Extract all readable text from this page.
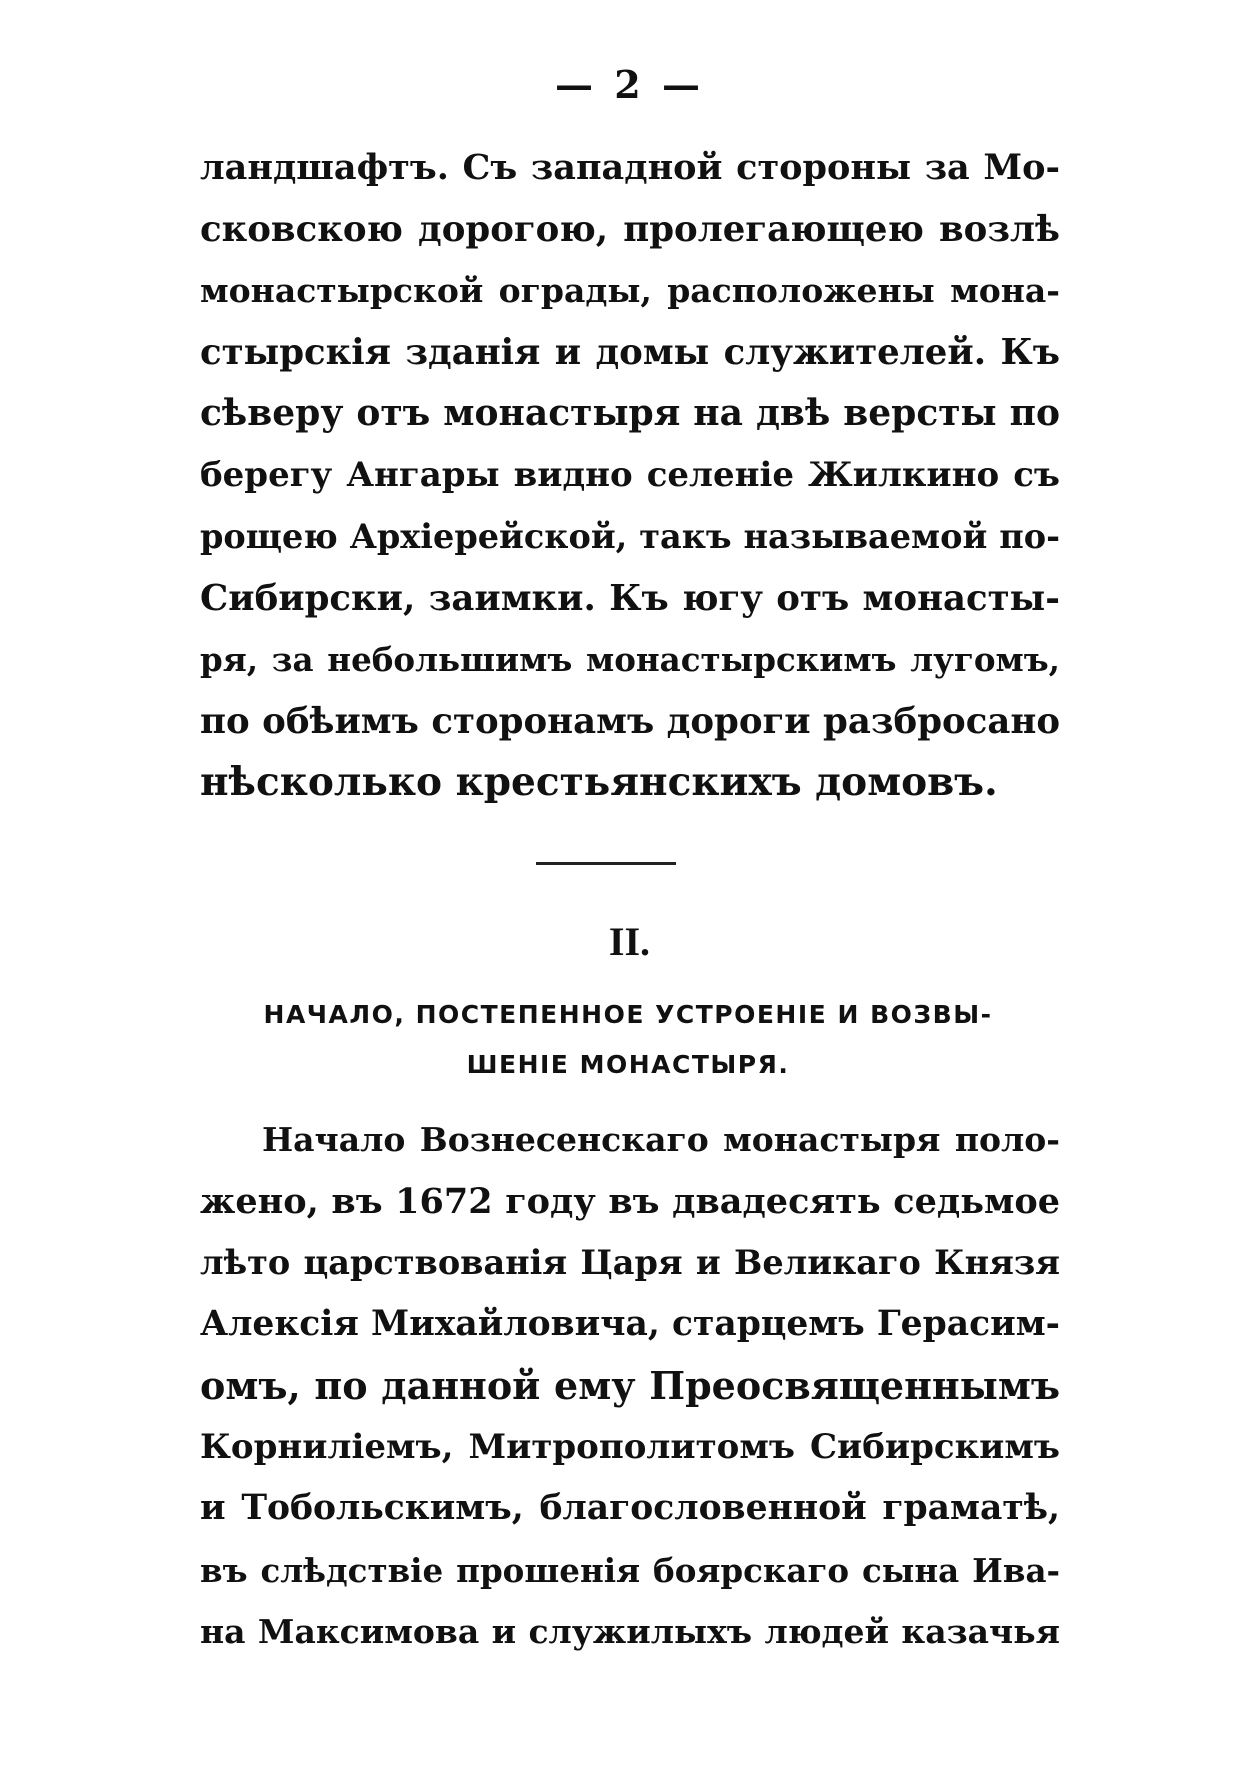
— 2 —
ландшафтъ. Съ западной стороны за Мо-
сковскою дорогою, пролегающею возлѣ
монастырской ограды, расположены мона-
стырскія зданія и домы служителей. Къ
сѣверу отъ монастыря на двѣ версты по
берегу Ангары видно селеніе Жилкино съ
рощею Архіерейской, такъ называемой по-
Сибирски, заимки. Къ югу отъ монасты-
ря, за небольшимъ монастырскимъ лугомъ,
по обѣимъ сторонамъ дороги разбросано
нѣсколько крестьянскихъ домовъ.
II.
НАЧАЛО, ПОСТЕПЕННОЕ УСТРОЕНІЕ И ВОЗВЫ-
ШЕНІЕ МОНАСТЫРЯ.
Начало Вознесенскаго монастыря поло-
жено, въ 1672 году въ двадесять седьмое
лѣто царствованія Царя и Великаго Князя
Алексія Михайловича, старцемъ Герасим-
омъ, по данной ему Преосвященнымъ
Корниліемъ, Митрополитомъ Сибирскимъ
и Тобольскимъ, благословенной граматѣ,
въ слѣдствіе прошенія боярскаго сына Ива-
на Максимова и служилыхъ людей казачья
